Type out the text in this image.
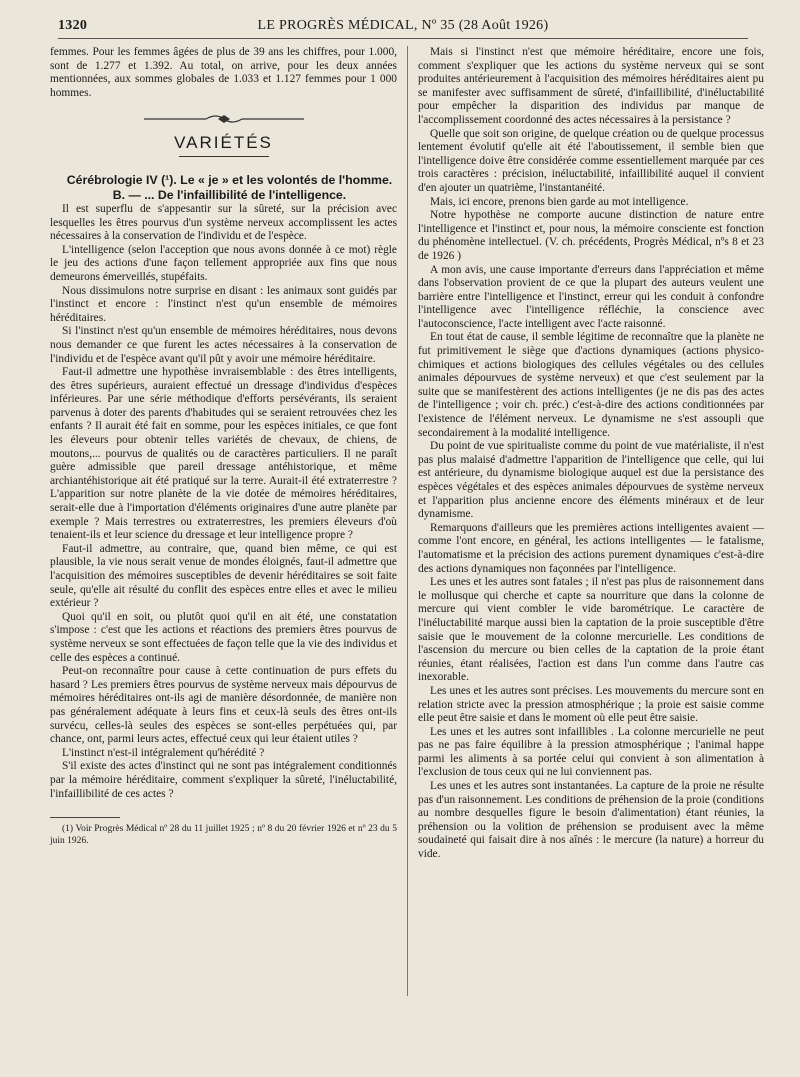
1320	LE PROGRÈS MÉDICAL, Nº 35 (28 Août 1926)

femmes. Pour les femmes âgées de plus de 39 ans les chiffres, pour 1.000, sont de 1.277 et 1.392. Au total, on arrive, pour les deux années mentionnées, aux sommes globales de 1.033 et 1.127 femmes pour 1 000 hommes.

VARIÉTÉS

Cérébrologie IV (¹). Le « je » et les volontés de l'homme.

B. — ... De l'infaillibilité de l'intelligence.

Il est superflu de s'appesantir sur la sûreté, sur la précision avec lesquelles les êtres pourvus d'un système nerveux accomplissent les actes nécessaires à la conservation de l'individu et de l'espèce.

L'intelligence (selon l'acception que nous avons donnée à ce mot) règle le jeu des actions d'une façon tellement appropriée aux fins que nous demeurons émerveillés, stupéfaits.

Nous dissimulons notre surprise en disant : les animaux sont guidés par l'instinct et encore : l'instinct n'est qu'un ensemble de mémoires héréditaires.

Si l'instinct n'est qu'un ensemble de mémoires héréditaires, nous devons nous demander ce que furent les actes nécessaires à la conservation de l'individu et de l'espèce avant qu'il pût y avoir une mémoire héréditaire.

Faut-il admettre une hypothèse invraisemblable : des êtres intelligents, des êtres supérieurs, auraient effectué un dressage d'individus d'espèces inférieures. Par une série méthodique d'efforts persévérants, ils seraient parvenus à doter des parents d'habitudes qui se seraient retrouvées chez les enfants ? Il aurait été fait en somme, pour les espèces initiales, ce que font les éleveurs pour obtenir telles variétés de chevaux, de chiens, de moutons,... pourvus de qualités ou de caractères particuliers. Il ne paraît guère admissible que pareil dressage antéhistorique, et même archiantéhistorique ait été pratiqué sur la terre. Aurait-il été extraterrestre ? L'apparition sur notre planète de la vie dotée de mémoires héréditaires, serait-elle due à l'importation d'éléments originaires d'une autre planète par exemple ? Mais terrestres ou extraterrestres, les premiers éleveurs d'où tenaient-ils et leur science du dressage et leur intelligence propre ?

Faut-il admettre, au contraire, que, quand bien même, ce qui est plausible, la vie nous serait venue de mondes éloignés, faut-il admettre que l'acquisition des mémoires susceptibles de devenir héréditaires se soit faite seule, qu'elle ait résulté du conflit des espèces entre elles et avec le milieu extérieur ?

Quoi qu'il en soit, ou plutôt quoi qu'il en ait été, une constatation s'impose : c'est que les actions et réactions des premiers êtres pourvus de système nerveux se sont effectuées de façon telle que la vie des individus et celle des espèces a continué.

Peut-on reconnaître pour cause à cette continuation de purs effets du hasard ? Les premiers êtres pourvus de système nerveux mais dépourvus de mémoires héréditaires ont-ils agi de manière désordonnée, de manière non pas généralement adéquate à leurs fins et ceux-là seuls des êtres ont-ils survécu, celles-là seules des espèces se sont-elles perpétuées qui, par chance, ont, parmi leurs actes, effectué ceux qui leur étaient utiles ?

L'instinct n'est-il intégralement qu'hérédité ?

S'il existe des actes d'instinct qui ne sont pas intégralement conditionnés par la mémoire héréditaire, comment s'expliquer la sûreté, l'inéluctabilité, l'infaillibilité de ces actes ?

(1) Voir Progrès Médical nº 28 du 11 juillet 1925 ; nº 8 du 20 février 1926 et nº 23 du 5 juin 1926.

Mais si l'instinct n'est que mémoire héréditaire, encore une fois, comment s'expliquer que les actions du système nerveux qui se sont produites antérieurement à l'acquisition des mémoires héréditaires aient pu se manifester avec suffisamment de sûreté, d'infaillibilité, d'inéluctabilité pour empêcher la disparition des individus par manque de l'accomplissement coordonné des actes nécessaires à la persistance ?

Quelle que soit son origine, de quelque création ou de quelque processus lentement évolutif qu'elle ait été l'aboutissement, il semble bien que l'intelligence doive être considérée comme essentiellement marquée par ces trois caractères : précision, inéluctabilité, infaillibilité auquel il convient d'en ajouter un quatrième, l'instantanéité.

Mais, ici encore, prenons bien garde au mot intelligence.

Notre hypothèse ne comporte aucune distinction de nature entre l'intelligence et l'instinct et, pour nous, la mémoire consciente est fonction du phénomène intellectuel. (V. ch. précédents, Progrès Médical, nºs 8 et 23 de 1926 )

A mon avis, une cause importante d'erreurs dans l'appréciation et même dans l'observation provient de ce que la plupart des auteurs veulent une barrière entre l'intelligence et l'instinct, erreur qui les conduit à confondre l'intelligence avec l'intelligence réfléchie, la conscience avec l'autoconscience, l'acte intelligent avec l'acte raisonné.

En tout état de cause, il semble légitime de reconnaître que la planète ne fut primitivement le siège que d'actions dynamiques (actions physico-chimiques et actions biologiques des cellules végétales ou des cellules animales dépourvues de système nerveux) et que c'est seulement par la suite que se manifestèrent des actions intelligentes (je ne dis pas des actes de l'intelligence ; voir ch. préc.) c'est-à-dire des actions conditionnées par l'existence de l'élément nerveux. Le dynamisme ne s'est assoupli que secondairement à la modalité intelligence.

Du point de vue spiritualiste comme du point de vue matérialiste, il n'est pas plus malaisé d'admettre l'apparition de l'intelligence que celle, qui lui est antérieure, du dynamisme biologique auquel est due la persistance des espèces végétales et des espèces animales dépourvues de système nerveux et l'apparition plus ancienne encore des éléments minéraux et de leur dynamisme.

Remarquons d'ailleurs que les premières actions intelligentes avaient — comme l'ont encore, en général, les actions intelligentes — le fatalisme, l'automatisme et la précision des actions purement dynamiques c'est-à-dire des actions dynamiques non façonnées par l'intelligence.

Les unes et les autres sont fatales ; il n'est pas plus de raisonnement dans le mollusque qui cherche et capte sa nourriture que dans la colonne de mercure qui vient combler le vide barométrique. Le caractère de l'inéluctabilité marque aussi bien la captation de la proie susceptible d'être saisie que le mouvement de la colonne mercurielle. Les conditions de l'ascension du mercure ou bien celles de la captation de la proie étant réunies, étant réalisées, l'action est dans l'un comme dans l'autre cas inexorable.

Les unes et les autres sont précises. Les mouvements du mercure sont en relation stricte avec la pression atmosphérique ; la proie est saisie comme elle peut être saisie et dans le moment où elle peut être saisie.

Les unes et les autres sont infaillibles . La colonne mercurielle ne peut pas ne pas faire équilibre à la pression atmosphérique ; l'animal happe parmi les aliments à sa portée celui qui convient à son alimentation à l'exclusion de tous ceux qui ne lui conviennent pas.

Les unes et les autres sont instantanées. La capture de la proie ne résulte pas d'un raisonnement. Les conditions de préhension de la proie (conditions au nombre desquelles figure le besoin d'alimentation) étant réunies, la préhension ou la volition de préhension se produisent avec la même soudaineté qui faisait dire à nos aînés : le mercure (la nature) a horreur du vide.
